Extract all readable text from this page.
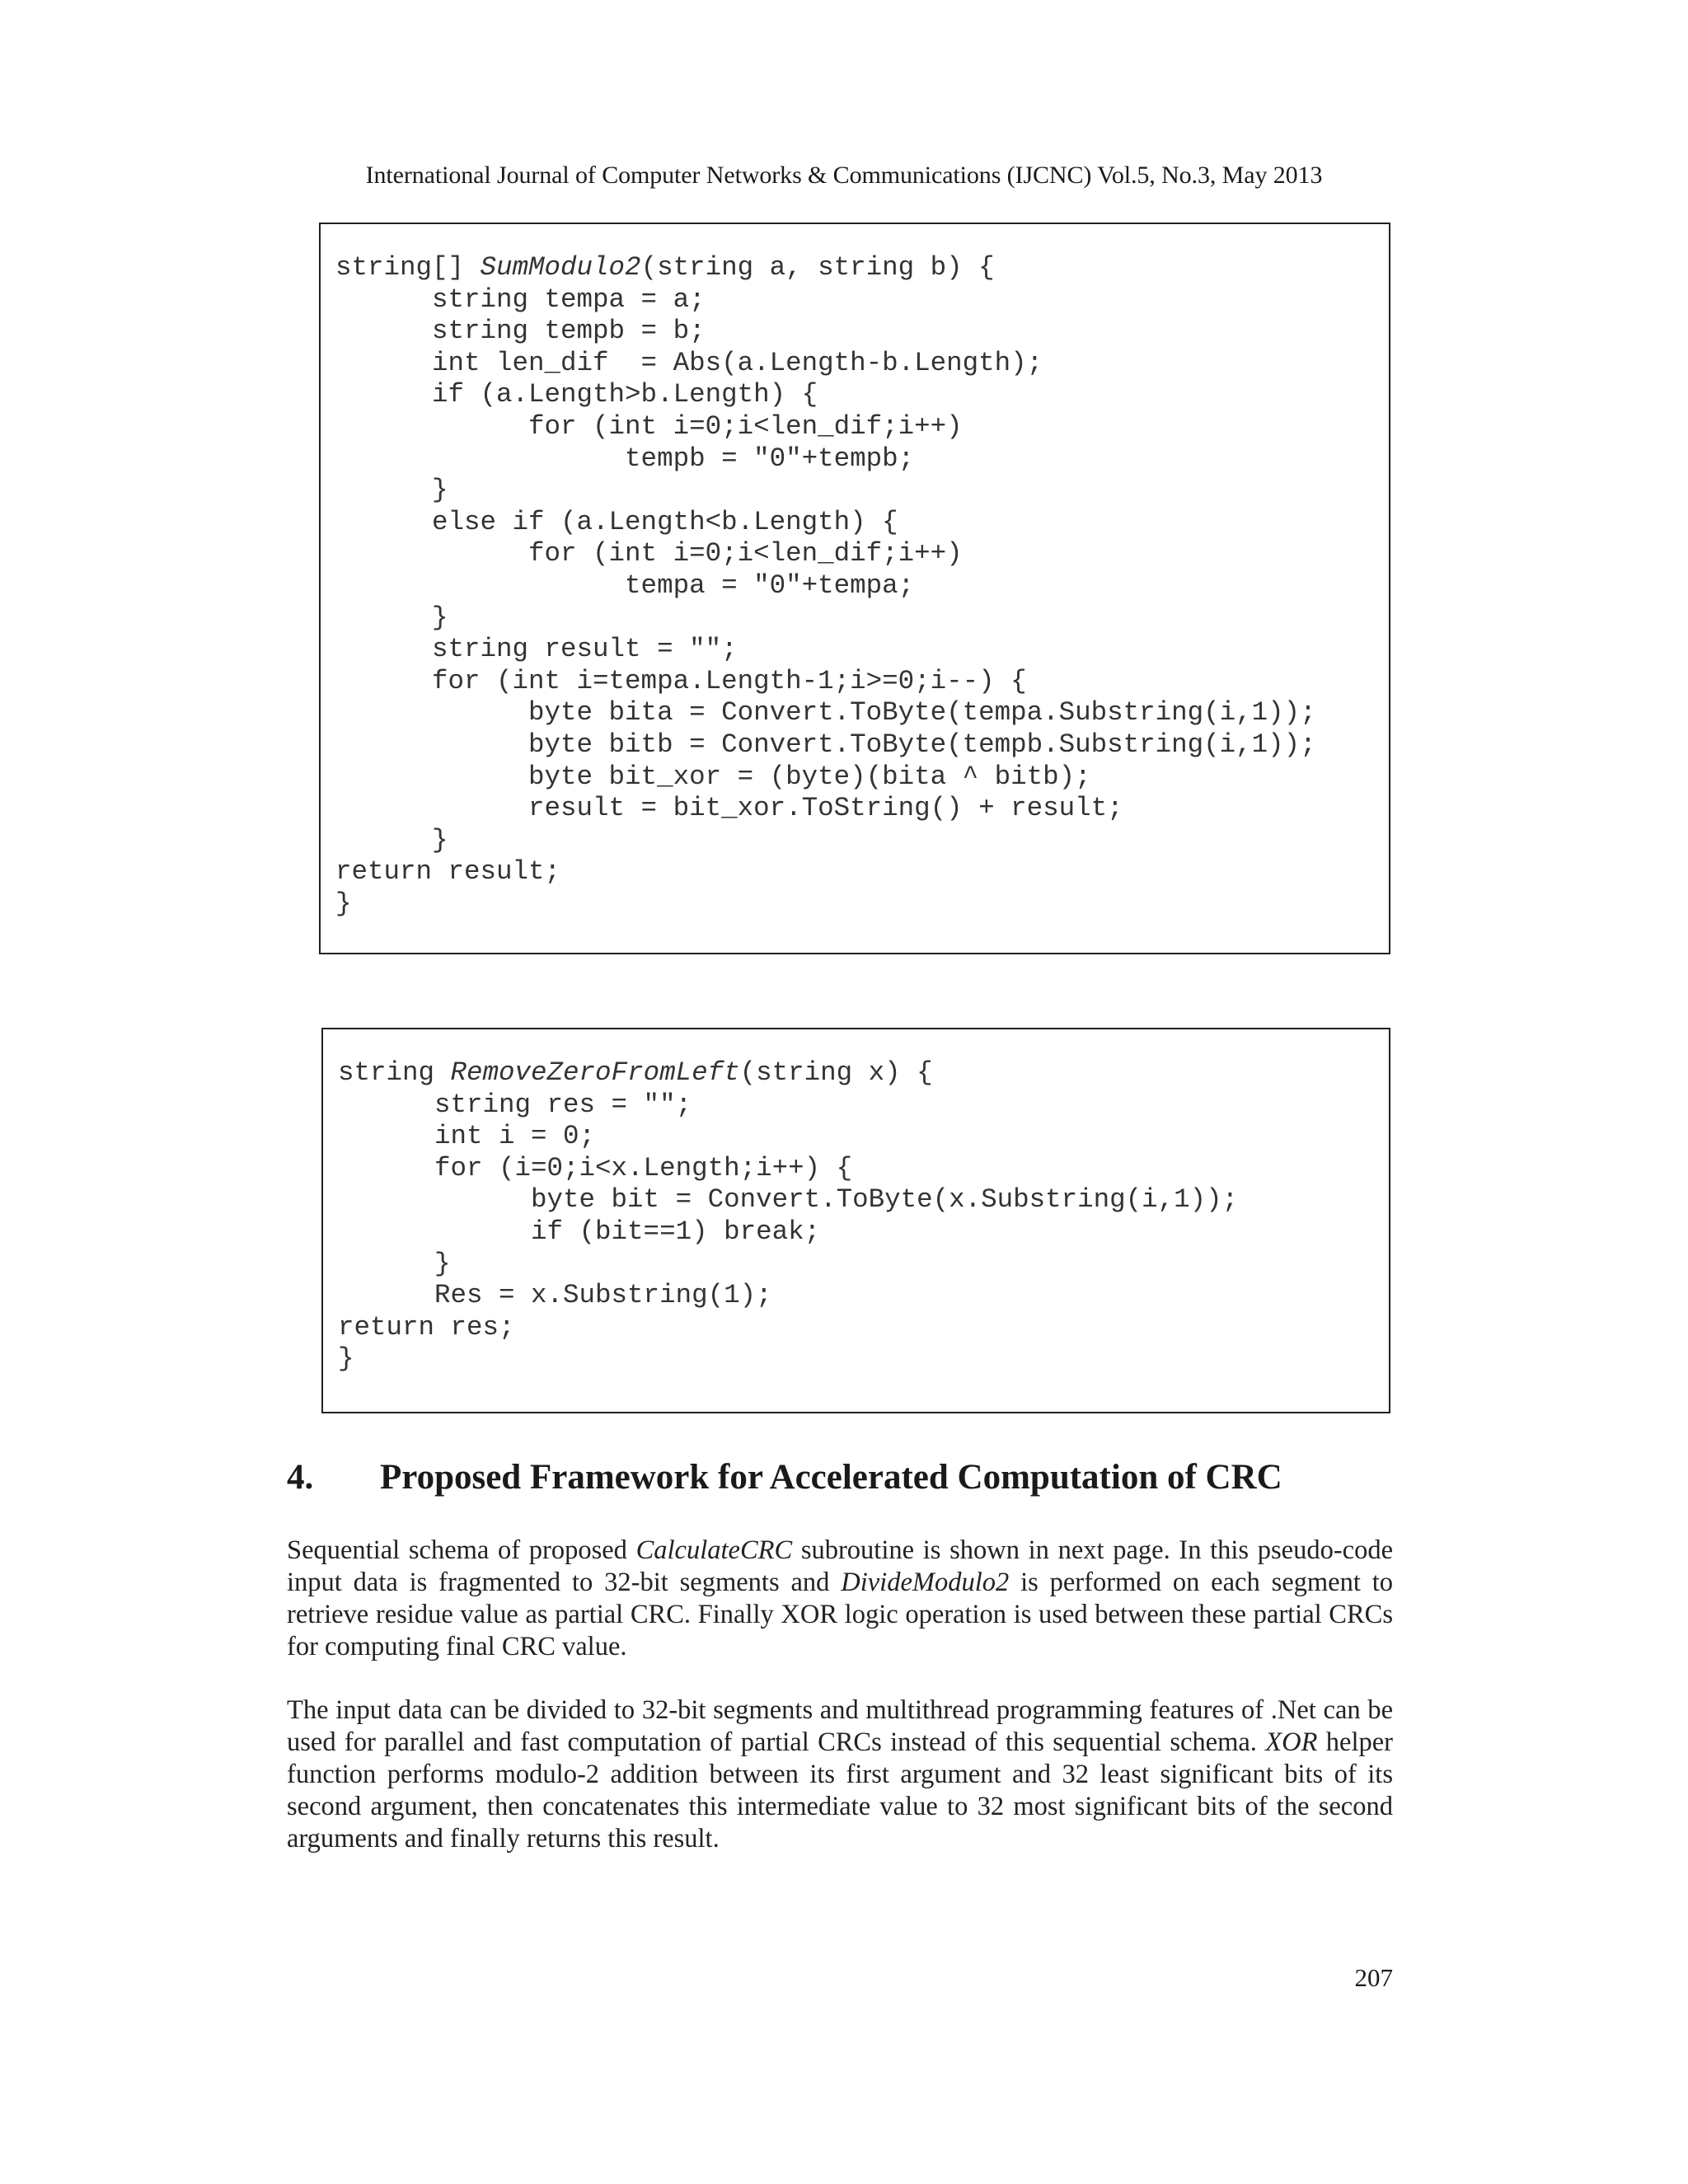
International Journal of Computer Networks & Communications (IJCNC) Vol.5, No.3, May 2013
string[] SumModulo2(string a, string b) {
string tempa = a;
string tempb = b;
int len_dif  = Abs(a.Length-b.Length);
if (a.Length>b.Length) {
for (int i=0;i<len_dif;i++)
tempb = "0"+tempb;
}
else if (a.Length<b.Length) {
for (int i=0;i<len_dif;i++)
tempa = "0"+tempa;
}
string result = "";
for (int i=tempa.Length-1;i>=0;i--) {
byte bita = Convert.ToByte(tempa.Substring(i,1));
byte bitb = Convert.ToByte(tempb.Substring(i,1));
byte bit_xor = (byte)(bita ^ bitb);
result = bit_xor.ToString() + result;
}
return result;
}
string RemoveZeroFromLeft(string x) {
string res = "";
int i = 0;
for (i=0;i<x.Length;i++) {
byte bit = Convert.ToByte(x.Substring(i,1));
if (bit==1) break;
}
Res = x.Substring(1);
return res;
}
4. Proposed Framework for Accelerated Computation of CRC

Sequential schema of proposed CalculateCRC subroutine is shown in next page. In this pseudo-code input data is fragmented to 32-bit segments and DivideModulo2 is performed on each segment to retrieve residue value as partial CRC. Finally XOR logic operation is used between these partial CRCs for computing final CRC value.

The input data can be divided to 32-bit segments and multithread programming features of .Net can be used for parallel and fast computation of partial CRCs instead of this sequential schema. XOR helper function performs modulo-2 addition between its first argument and 32 least significant bits of its second argument, then concatenates this intermediate value to 32 most significant bits of the second arguments and finally returns this result.

207
